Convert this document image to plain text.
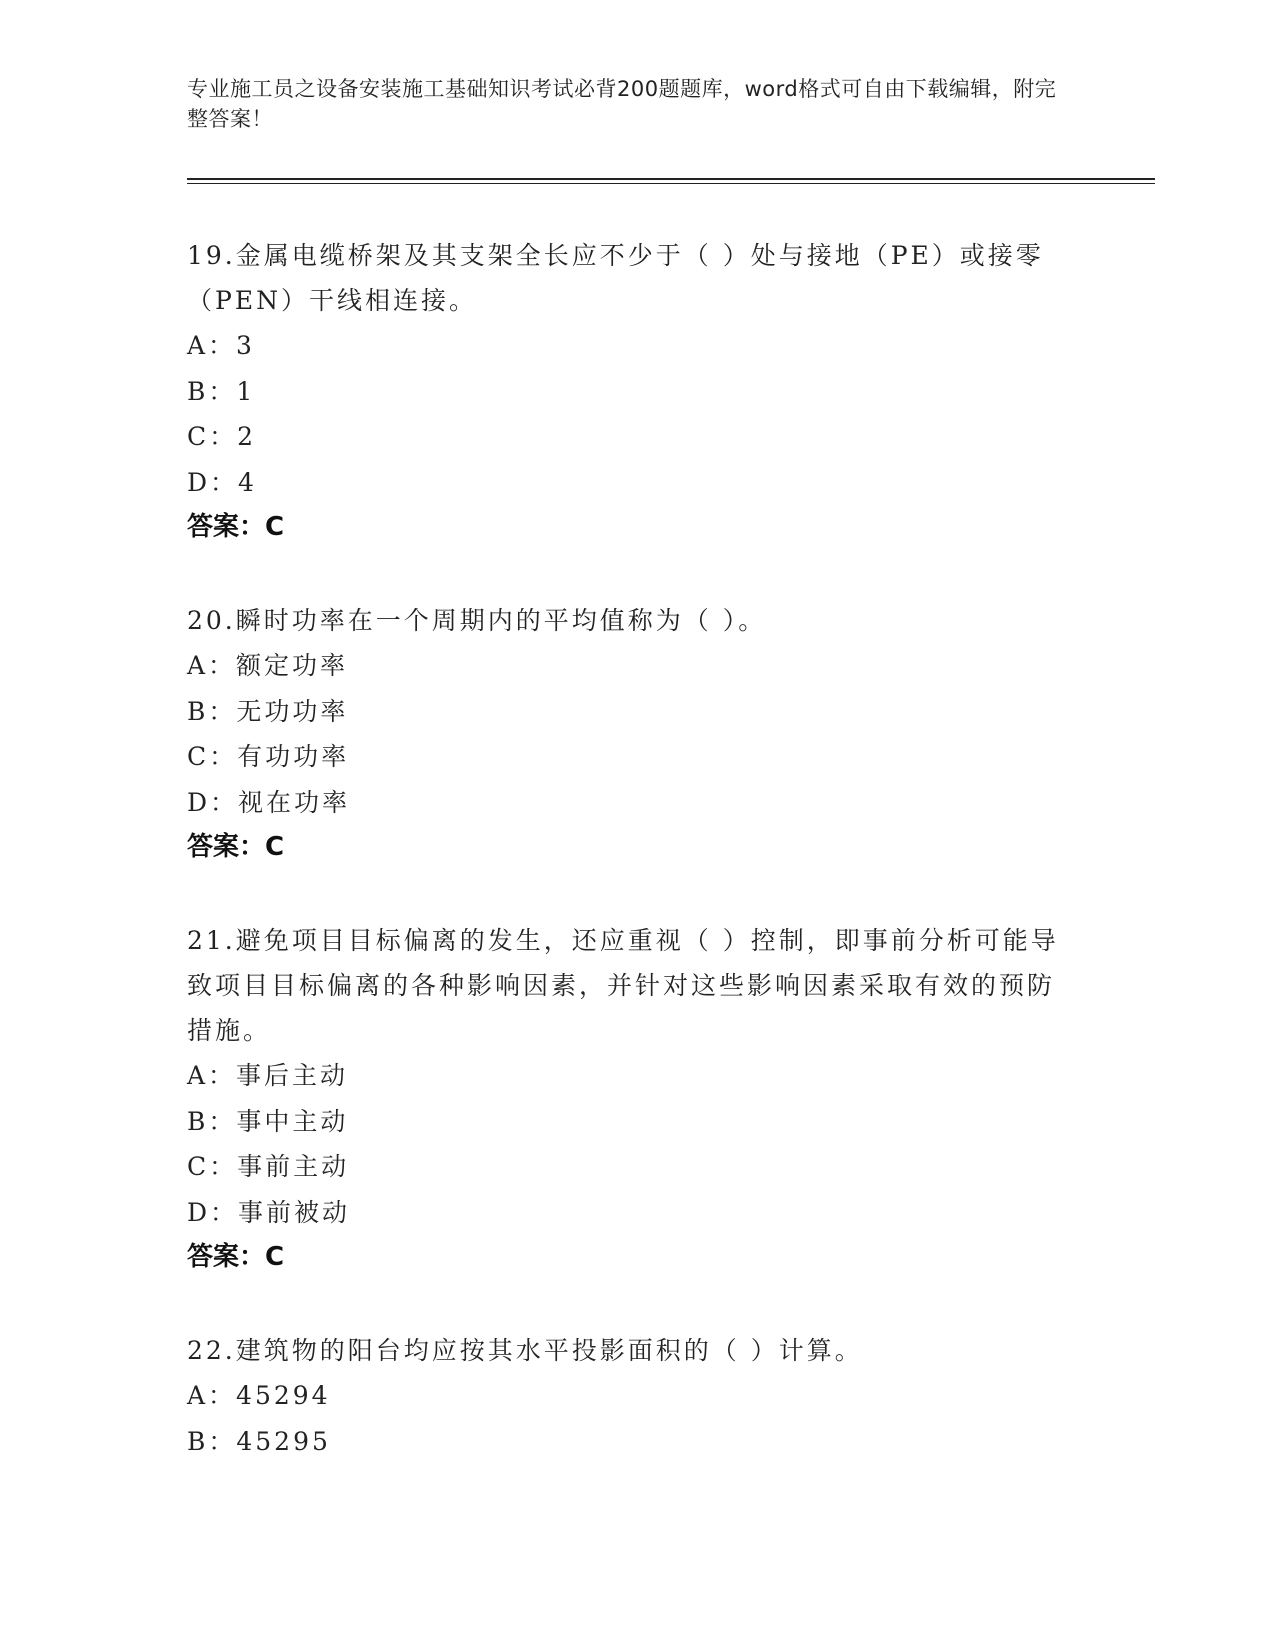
专业施工员之设备安装施工基础知识考试必背200题题库，word格式可自由下载编辑，附完整答案！
19.金属电缆桥架及其支架全长应不少于（ ）处与接地（PE）或接零（PEN）干线相连接。
A：3
B：1
C：2
D：4
答案：C
20.瞬时功率在一个周期内的平均值称为（ ）。
A：额定功率
B：无功功率
C：有功功率
D：视在功率
答案：C
21.避免项目目标偏离的发生，还应重视（ ）控制，即事前分析可能导致项目目标偏离的各种影响因素，并针对这些影响因素采取有效的预防措施。
A：事后主动
B：事中主动
C：事前主动
D：事前被动
答案：C
22.建筑物的阳台均应按其水平投影面积的（ ）计算。
A：45294
B：45295
